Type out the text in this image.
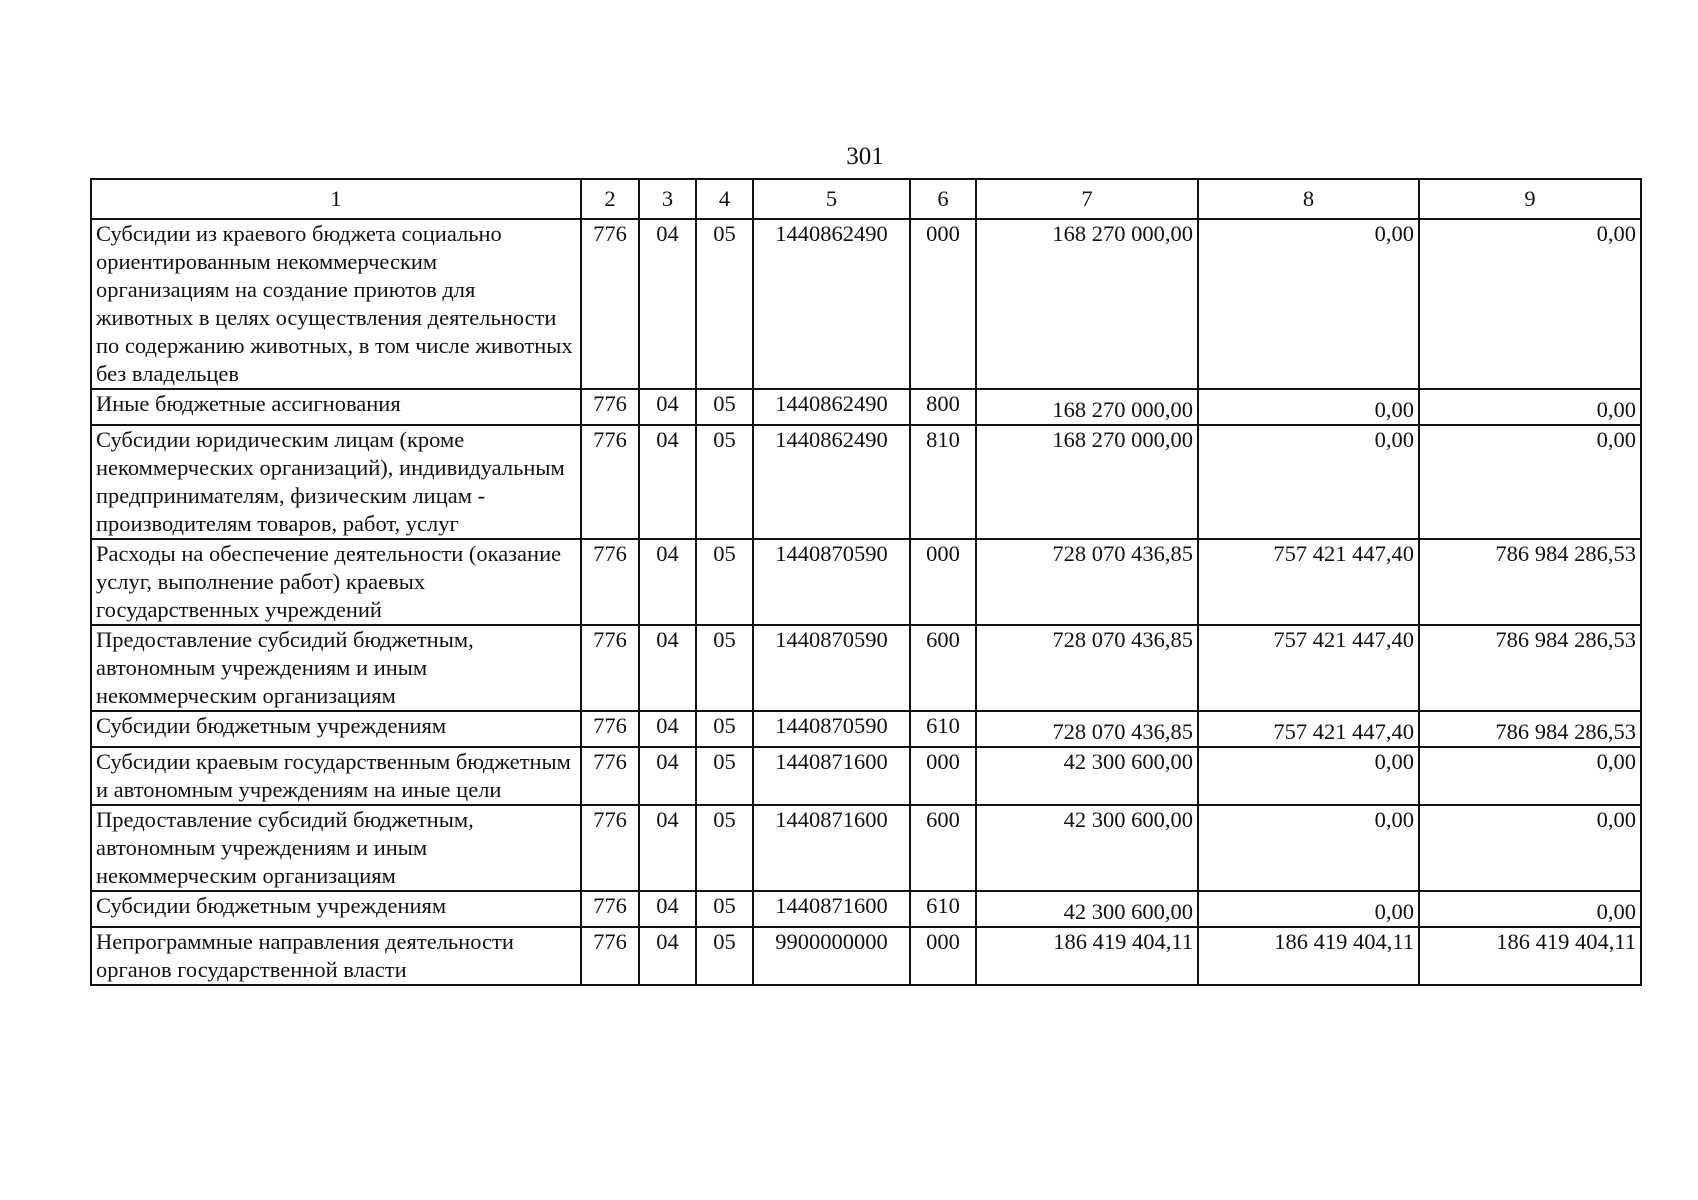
301
1	2	3	4	5	6	7	8	9
Субсидии из краевого бюджета социально ориентированным некоммерческим организациям на создание приютов для животных в целях осуществления деятельности по содержанию животных, в том числе животных без владельцев	776	04	05	1440862490	000	168 270 000,00	0,00	0,00
Иные бюджетные ассигнования	776	04	05	1440862490	800	168 270 000,00	0,00	0,00
Субсидии юридическим лицам (кроме некоммерческих организаций), индивидуальным предпринимателям, физическим лицам - производителям товаров, работ, услуг	776	04	05	1440862490	810	168 270 000,00	0,00	0,00
Расходы на обеспечение деятельности (оказание услуг, выполнение работ) краевых государственных учреждений	776	04	05	1440870590	000	728 070 436,85	757 421 447,40	786 984 286,53
Предоставление субсидий бюджетным, автономным учреждениям и иным некоммерческим организациям	776	04	05	1440870590	600	728 070 436,85	757 421 447,40	786 984 286,53
Субсидии бюджетным учреждениям	776	04	05	1440870590	610	728 070 436,85	757 421 447,40	786 984 286,53
Субсидии краевым государственным бюджетным и автономным учреждениям на иные цели	776	04	05	1440871600	000	42 300 600,00	0,00	0,00
Предоставление субсидий бюджетным, автономным учреждениям и иным некоммерческим организациям	776	04	05	1440871600	600	42 300 600,00	0,00	0,00
Субсидии бюджетным учреждениям	776	04	05	1440871600	610	42 300 600,00	0,00	0,00
Непрограммные направления деятельности органов государственной власти	776	04	05	9900000000	000	186 419 404,11	186 419 404,11	186 419 404,11
